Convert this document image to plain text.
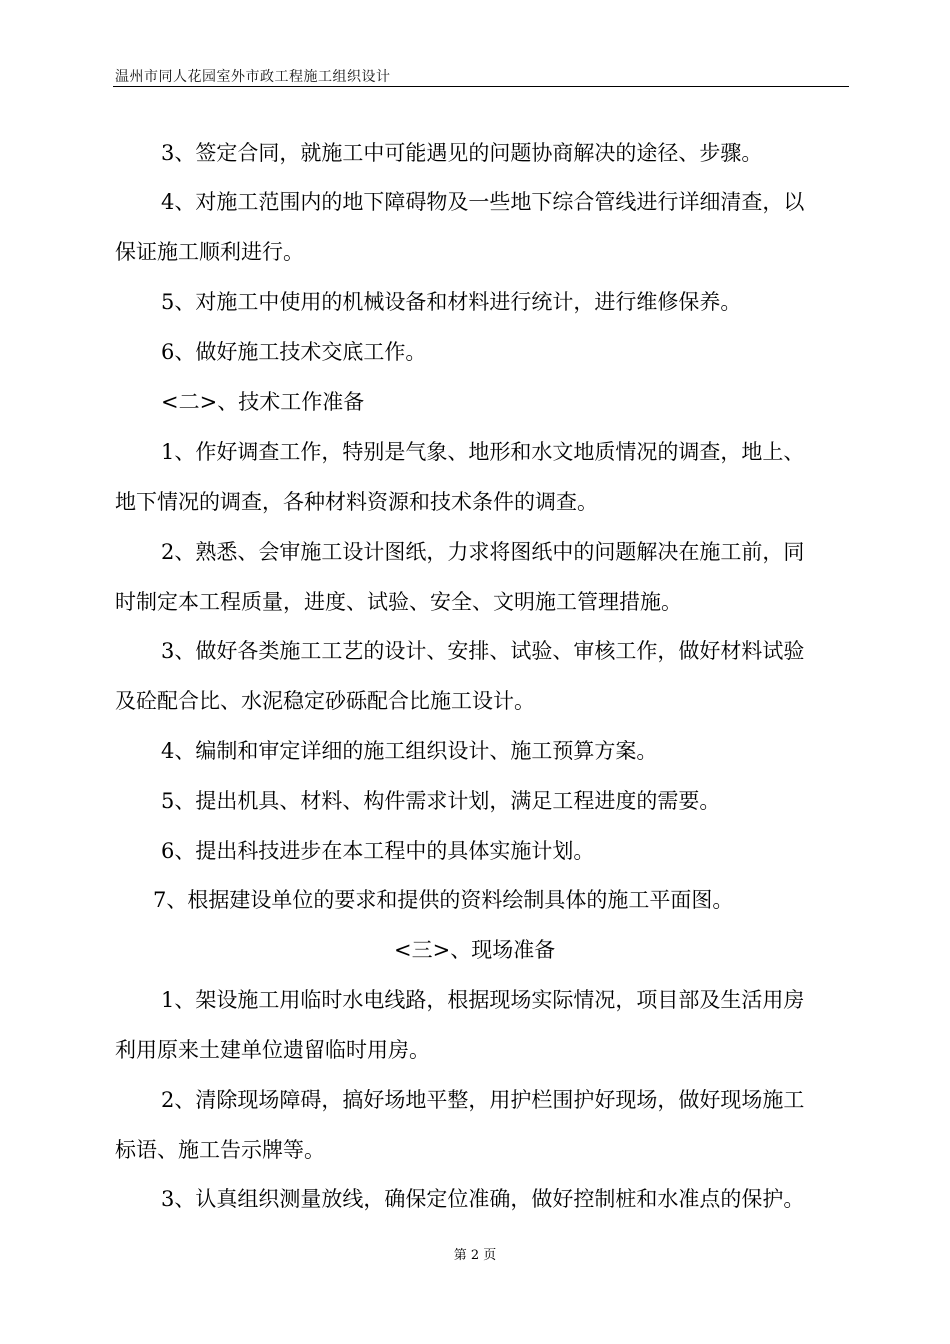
温州市同人花园室外市政工程施工组织设计
3、签定合同，就施工中可能遇见的问题协商解决的途径、步骤。
4、对施工范围内的地下障碍物及一些地下综合管线进行详细清查，以
保证施工顺利进行。
5、对施工中使用的机械设备和材料进行统计，进行维修保养。
6、做好施工技术交底工作。
<二>、技术工作准备
1、作好调查工作，特别是气象、地形和水文地质情况的调查，地上、
地下情况的调查，各种材料资源和技术条件的调查。
2、熟悉、会审施工设计图纸，力求将图纸中的问题解决在施工前，同
时制定本工程质量，进度、试验、安全、文明施工管理措施。
3、做好各类施工工艺的设计、安排、试验、审核工作，做好材料试验
及砼配合比、水泥稳定砂砾配合比施工设计。
4、编制和审定详细的施工组织设计、施工预算方案。
5、提出机具、材料、构件需求计划，满足工程进度的需要。
6、提出科技进步在本工程中的具体实施计划。
7、根据建设单位的要求和提供的资料绘制具体的施工平面图。
<三>、现场准备
1、架设施工用临时水电线路，根据现场实际情况，项目部及生活用房
利用原来土建单位遗留临时用房。
2、清除现场障碍，搞好场地平整，用护栏围护好现场，做好现场施工
标语、施工告示牌等。
3、认真组织测量放线，确保定位准确，做好控制桩和水准点的保护。
第 2 页
